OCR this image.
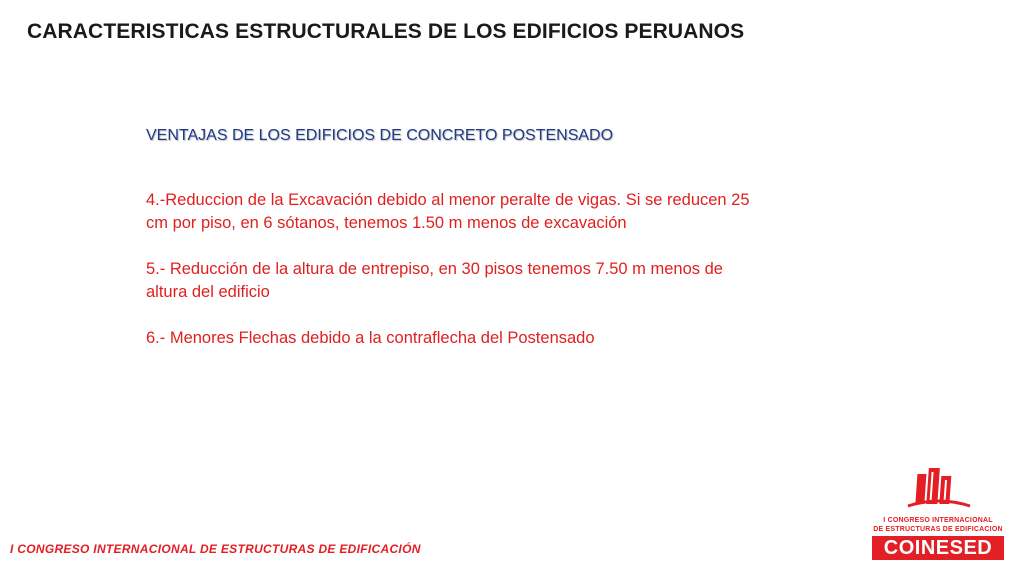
CARACTERISTICAS ESTRUCTURALES DE LOS EDIFICIOS PERUANOS

VENTAJAS DE LOS EDIFICIOS DE CONCRETO POSTENSADO

4.-Reduccion de la Excavación debido al menor peralte de vigas. Si se reducen 25 cm por piso, en 6 sótanos, tenemos 1.50 m menos de excavación

5.- Reducción de la altura de entrepiso, en 30 pisos tenemos 7.50 m menos de altura del edificio

6.- Menores Flechas debido a la contraflecha del Postensado

I CONGRESO INTERNACIONAL DE ESTRUCTURAS DE EDIFICACIÓN
I CONGRESO INTERNACIONAL
DE ESTRUCTURAS DE EDIFICACION
COINESED
